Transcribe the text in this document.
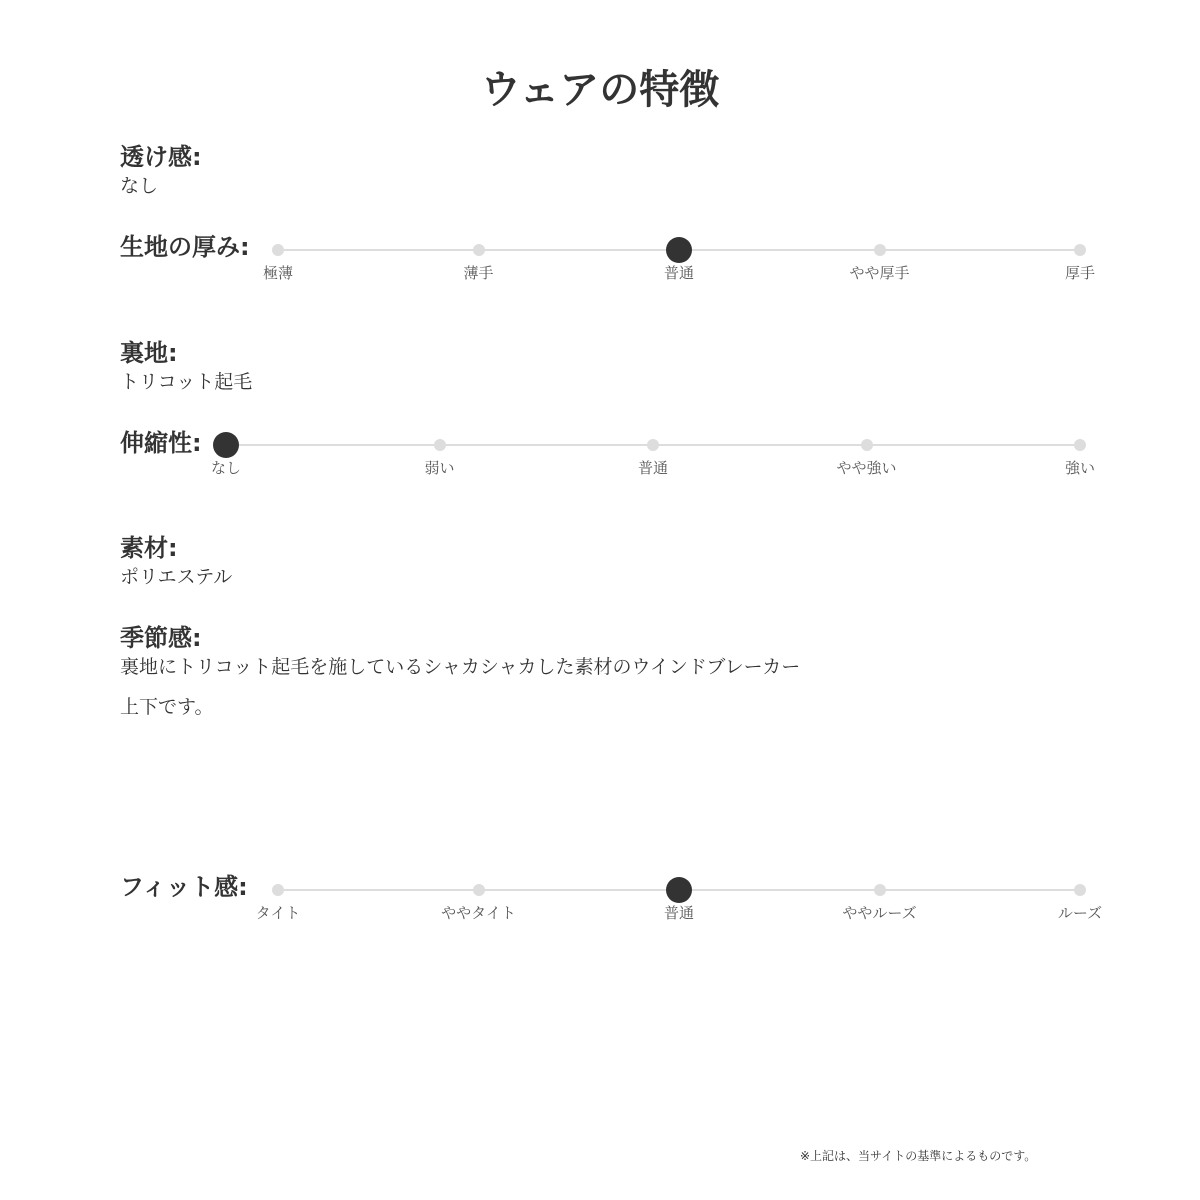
ウェアの特徴
透け感:
なし
生地の厚み:
極薄	薄手	普通	やや厚手	厚手
裏地:
トリコット起毛
伸縮性:
なし	弱い	普通	やや強い	強い
素材:
ポリエステル
季節感:
裏地にトリコット起毛を施しているシャカシャカした素材のウインドブレーカー
上下です。
フィット感:
タイト	ややタイト	普通	ややルーズ	ルーズ
※上記は、当サイトの基準によるものです。
